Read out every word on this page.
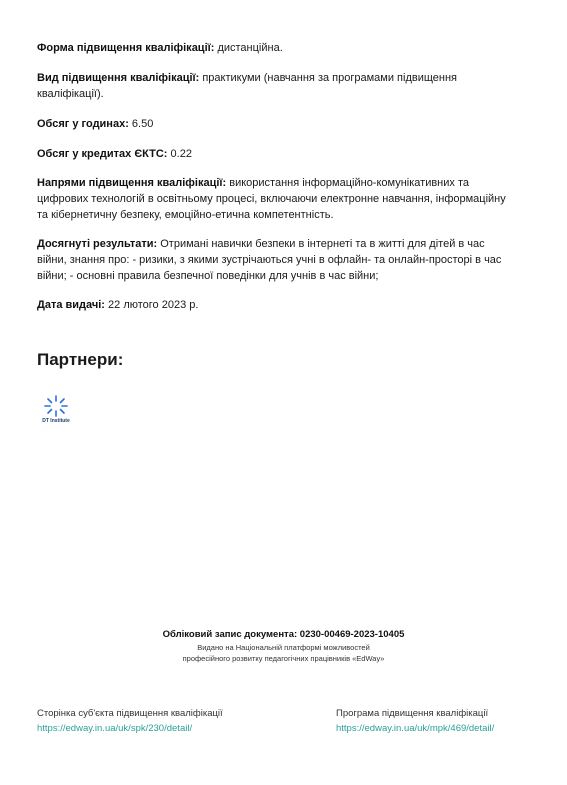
Форма підвищення кваліфікації: дистанційна.

Вид підвищення кваліфікації: практикуми (навчання за програмами підвищення кваліфікації).

Обсяг у годинах: 6.50

Обсяг у кредитах ЄКТС: 0.22

Напрями підвищення кваліфікації: використання інформаційно-комунікативних та цифрових технологій в освітньому процесі, включаючи електронне навчання, інформаційну та кібернетичну безпеку, емоційно-етична компетентність.

Досягнуті результати: Отримані навички безпеки в інтернеті та в житті для дітей в час війни, знання про: - ризики, з якими зустрічаються учні в офлайн- та онлайн-просторі в час війни; - основні правила безпечної поведінки для учнів в час війни;

Дата видачі: 22 лютого 2023 р.

Партнери:
DT Institute

Обліковий запис документа: 0230-00469-2023-10405

Видано на Національній платформі можливостей

професійного розвитку педагогічних працівників «EdWay»

Сторінка суб'єкта підвищення кваліфікації
https://edway.in.ua/uk/spk/230/detail/
Програма підвищення кваліфікації
https://edway.in.ua/uk/mpk/469/detail/
